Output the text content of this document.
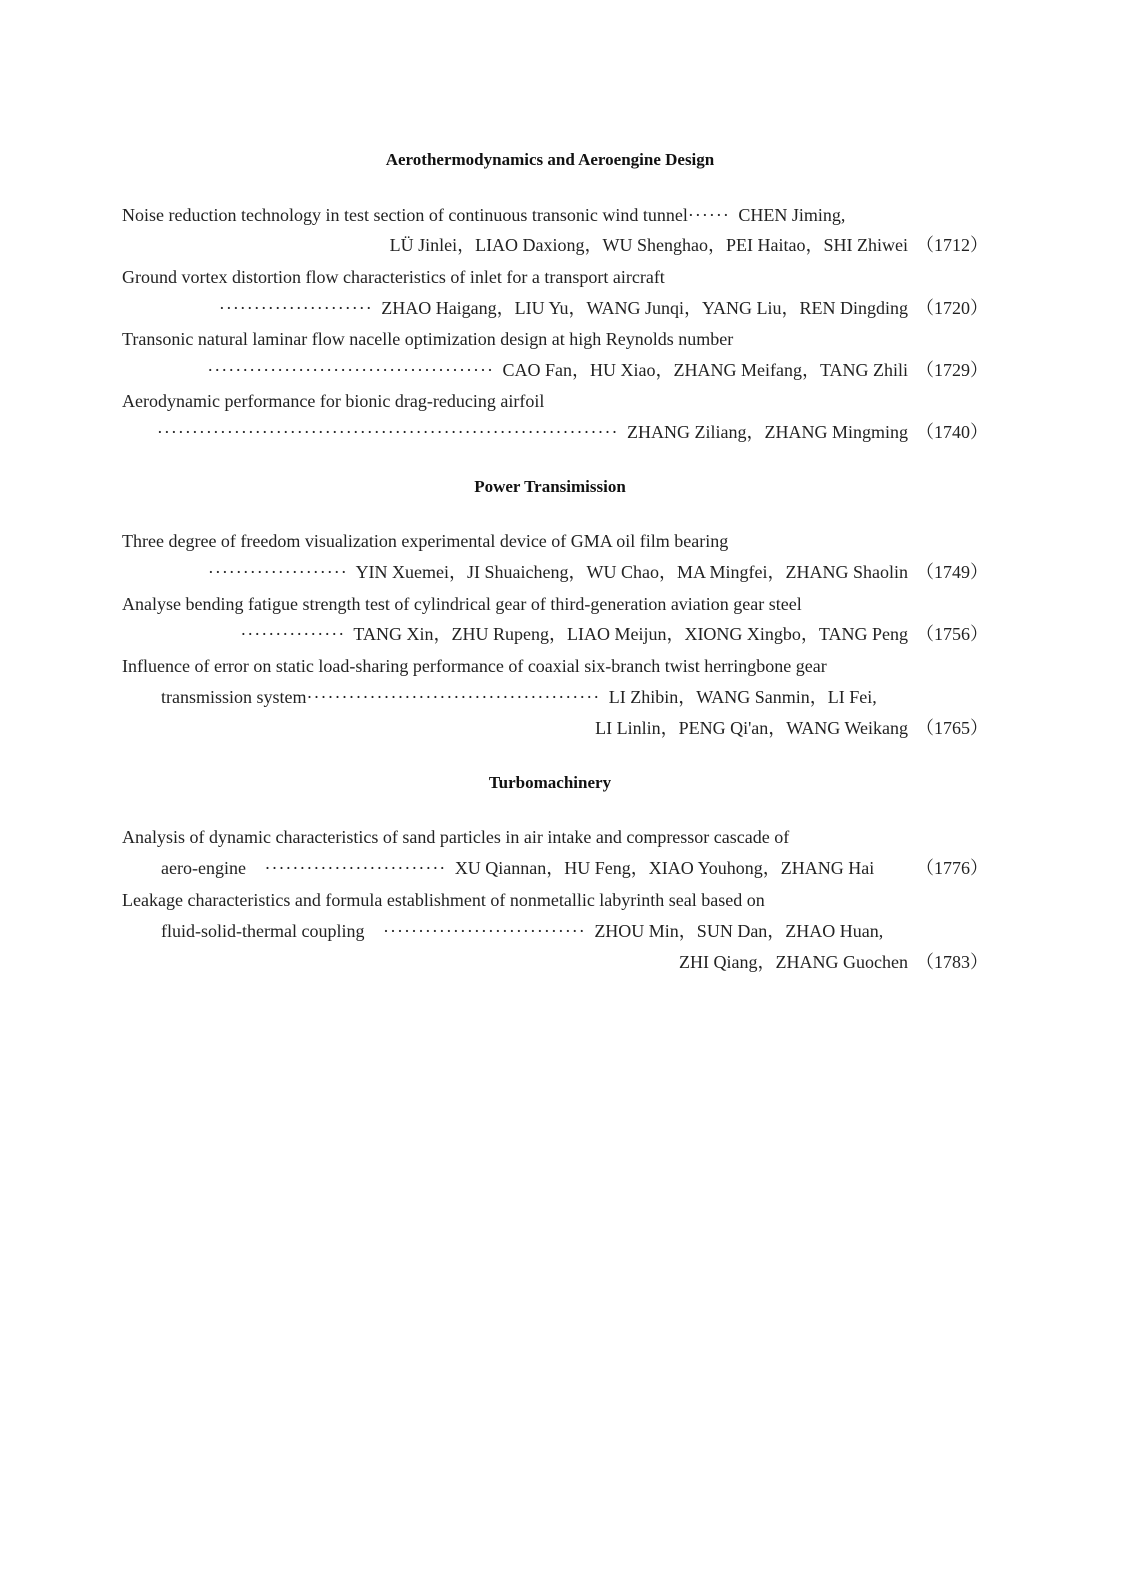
Aerothermodynamics and Aeroengine Design
Noise reduction technology in test section of continuous transonic wind tunnel······ CHEN Jiming,
LÜ Jinlei，LIAO Daxiong，WU Shenghao，PEI Haitao，SHI Zhiwei （1712）
Ground vortex distortion flow characteristics of inlet for a transport aircraft
······················ ZHAO Haigang，LIU Yu，WANG Junqi，YANG Liu，REN Dingding （1720）
Transonic natural laminar flow nacelle optimization design at high Reynolds number
········································· CAO Fan，HU Xiao，ZHANG Meifang，TANG Zhili （1729）
Aerodynamic performance for bionic drag-reducing airfoil
·································································· ZHANG Ziliang，ZHANG Mingming （1740）
Power Transimission
Three degree of freedom visualization experimental device of GMA oil film bearing
···················· YIN Xuemei，JI Shuaicheng，WU Chao，MA Mingfei，ZHANG Shaolin （1749）
Analyse bending fatigue strength test of cylindrical gear of third-generation aviation gear steel
··············· TANG Xin，ZHU Rupeng，LIAO Meijun，XIONG Xingbo，TANG Peng （1756）
Influence of error on static load-sharing performance of coaxial six-branch twist herringbone gear
transmission system·········································· LI Zhibin，WANG Sanmin，LI Fei,
LI Linlin，PENG Qi'an，WANG Weikang （1765）
Turbomachinery
Analysis of dynamic characteristics of sand particles in air intake and compressor cascade of
aero-engine ·························· XU Qiannan，HU Feng，XIAO Youhong，ZHANG Hai （1776）
Leakage characteristics and formula establishment of nonmetallic labyrinth seal based on
fluid-solid-thermal coupling ····························· ZHOU Min，SUN Dan，ZHAO Huan,
ZHI Qiang，ZHANG Guochen （1783）
